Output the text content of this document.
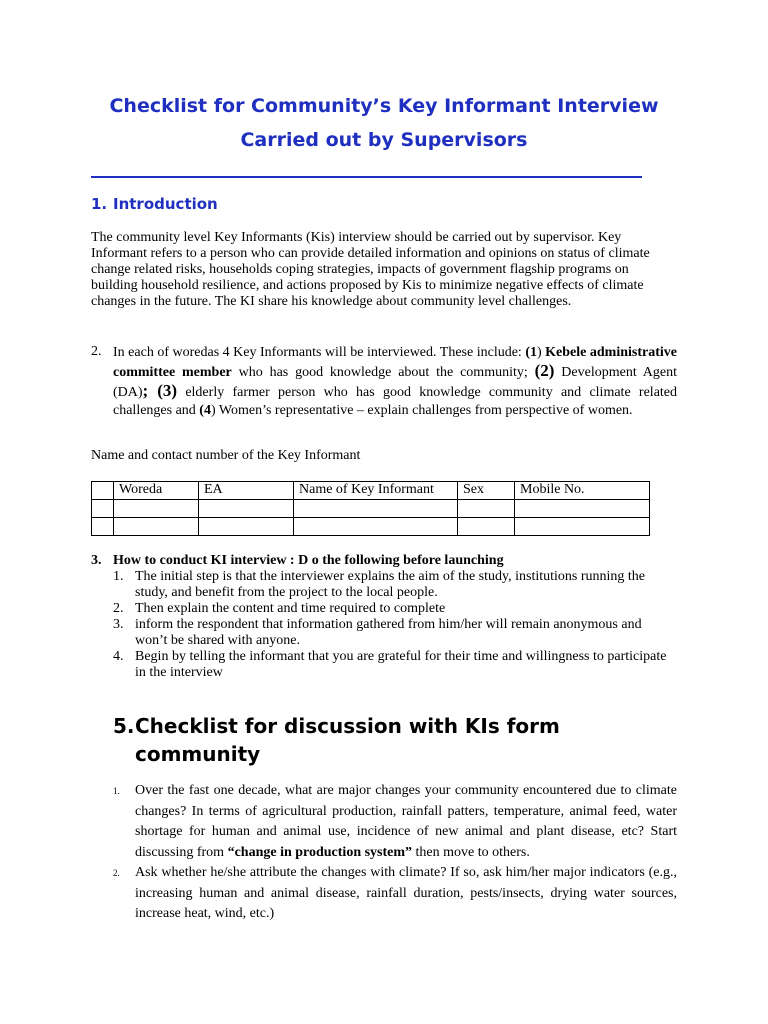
Checklist for Community’s Key Informant Interview
Carried out by Supervisors
1. Introduction
The community level Key Informants (Kis) interview should be carried out by supervisor. Key Informant refers to a person who can provide detailed information and opinions on status of climate change related risks, households coping strategies, impacts of government flagship programs on building household resilience, and actions proposed by Kis to minimize negative effects of climate changes in the future. The KI share his knowledge about community level challenges.
2. In each of woredas 4 Key Informants will be interviewed. These include: (1) Kebele administrative committee member who has good knowledge about the community; (2) Development Agent (DA); (3) elderly farmer person who has good knowledge community and climate related challenges and (4) Women’s representative – explain challenges from perspective of women.
Name and contact number of the Key Informant
	Woreda	EA	Name of Key Informant	Sex	Mobile No.

3. How to conduct KI interview : D o the following before launching
1. The initial step is that the interviewer explains the aim of the study, institutions running the study, and benefit from the project to the local people.
2. Then explain the content and time required to complete
3. inform the respondent that information gathered from him/her will remain anonymous and won’t be shared with anyone.
4. Begin by telling the informant that you are grateful for their time and willingness to participate in the interview
5. Checklist for discussion with KIs form community
1. Over the fast one decade, what are major changes your community encountered due to climate changes? In terms of agricultural production, rainfall patters, temperature, animal feed, water shortage for human and animal use, incidence of new animal and plant disease, etc? Start discussing from “change in production system” then move to others.
2. Ask whether he/she attribute the changes with climate? If so, ask him/her major indicators (e.g., increasing human and animal disease, rainfall duration, pests/insects, drying water sources, increase heat, wind, etc.)
